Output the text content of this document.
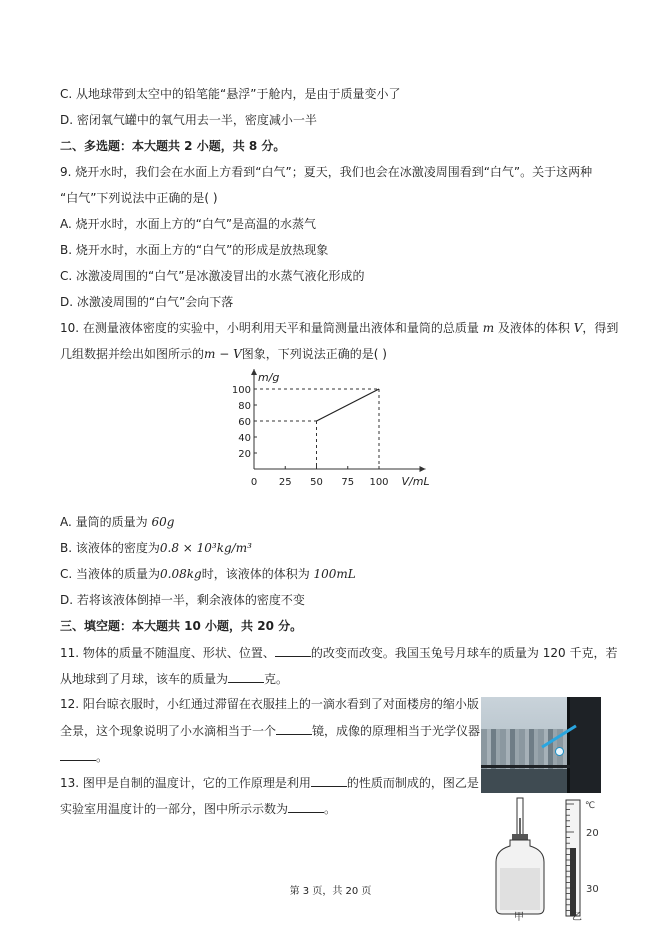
C. 从地球带到太空中的铅笔能“悬浮”于舱内，是由于质量变小了
D. 密闭氧气罐中的氧气用去一半，密度减小一半
二、多选题：本大题共 2 小题，共 8 分。
9. 烧开水时，我们会在水面上方看到“白气”；夏天，我们也会在冰激凌周围看到“白气”。关于这两种
“白气”下列说法中正确的是( )
A. 烧开水时，水面上方的“白气”是高温的水蒸气
B. 烧开水时，水面上方的“白气”的形成是放热现象
C. 冰激凌周围的“白气”是冰激凌冒出的水蒸气液化形成的
D. 冰激凌周围的“白气”会向下落
10. 在测量液体密度的实验中，小明利用天平和量筒测量出液体和量筒的总质量 m 及液体的体积 V，得到
几组数据并绘出如图所示的m − V图象，下列说法正确的是( )
V/mL
m/g
0 25 50 75 100
20
40
60
80
100
A. 量筒的质量为 60g
B. 该液体的密度为0.8 × 10³kg/m³
C. 当液体的质量为0.08kg时，该液体的体积为 100mL
D. 若将该液体倒掉一半，剩余液体的密度不变
三、填空题：本大题共 10 小题，共 20 分。
11. 物体的质量不随温度、形状、位置、	的改变而改变。我国玉兔号月球车的质量为 120 千克，若
从地球到了月球，该车的质量为	克。
12. 阳台晾衣服时，小红通过滞留在衣服挂上的一滴水看到了对面楼房的缩小版
全景，这个现象说明了小水滴相当于一个	镜，成像的原理相当于光学仪器
。
13. 图甲是自制的温度计，它的工作原理是利用	的性质而制成的，图乙是
实验室用温度计的一部分，图中所示示数为	。
甲
℃
20
30
乙
第 3 页，共 20 页
